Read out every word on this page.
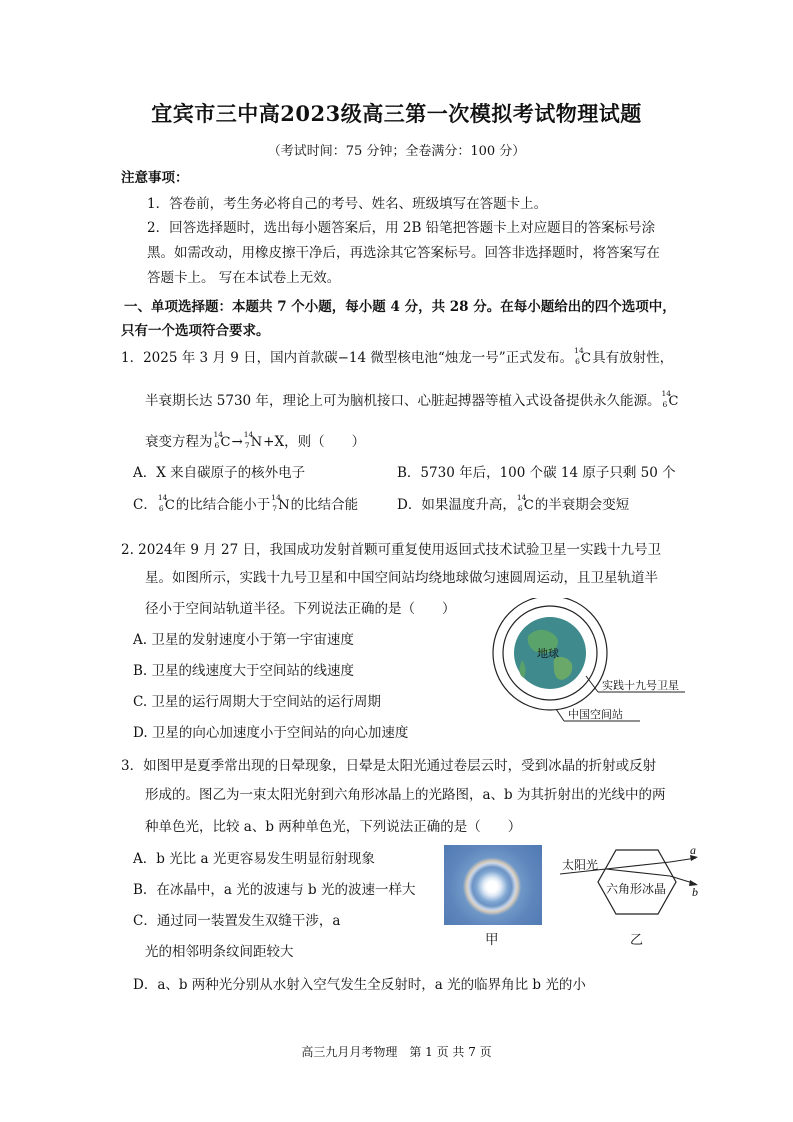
宜宾市三中高2023级高三第一次模拟考试物理试题
（考试时间：75 分钟；全卷满分：100 分）
注意事项：
1．答卷前，考生务必将自己的考号、姓名、班级填写在答题卡上。
2．回答选择题时，选出每小题答案后，用 2B 铅笔把答题卡上对应题目的答案标号涂
黑。如需改动，用橡皮擦干净后，再选涂其它答案标号。回答非选择题时，将答案写在
答题卡上。 写在本试卷上无效。
一、单项选择题：本题共 7 个小题，每小题 4 分，共 28 分。在每小题给出的四个选项中，
只有一个选项符合要求。
1．2025 年 3 月 9 日，国内首款碳−14 微型核电池“烛龙一号”正式发布。 14
6 C具有放射性，
半衰期长达 5730 年，理论上可为脑机接口、心脏起搏器等植入式设备提供永久能源。 14
6 C
衰变方程为 14
6 C→ 14
7 N+X，则（　　）
A．X 来自碳原子的核外电子	B．5730 年后，100 个碳 14 原子只剩 50 个
C． 14
6 C的比结合能小于 14
7 N的比结合能	D．如果温度升高， 14
6 C的半衰期会变短
2. 2024年 9 月 27 日，我国成功发射首颗可重复使用返回式技术试验卫星一实践十九号卫
星。如图所示，实践十九号卫星和中国空间站均绕地球做匀速圆周运动，且卫星轨道半
径小于空间站轨道半径。下列说法正确的是（　　）
A. 卫星的发射速度小于第一宇宙速度
B. 卫星的线速度大于空间站的线速度
C. 卫星的运行周期大于空间站的运行周期
D. 卫星的向心加速度小于空间站的向心加速度
地球
实践十九号卫星
中国空间站
3．如图甲是夏季常出现的日晕现象，日晕是太阳光通过卷层云时，受到冰晶的折射或反射
形成的。图乙为一束太阳光射到六角形冰晶上的光路图，a、b 为其折射出的光线中的两
种单色光，比较 a、b 两种单色光，下列说法正确的是（　　）
A．b 光比 a 光更容易发生明显衍射现象
B．在冰晶中，a 光的波速与 b 光的波速一样大
C．通过同一装置发生双缝干涉，a
光的相邻明条纹间距较大
D．a、b 两种光分别从水射入空气发生全反射时，a 光的临界角比 b 光的小
甲
太阳光
六角形冰晶
a
b
乙
高三九月月考物理　第 1 页 共 7 页
